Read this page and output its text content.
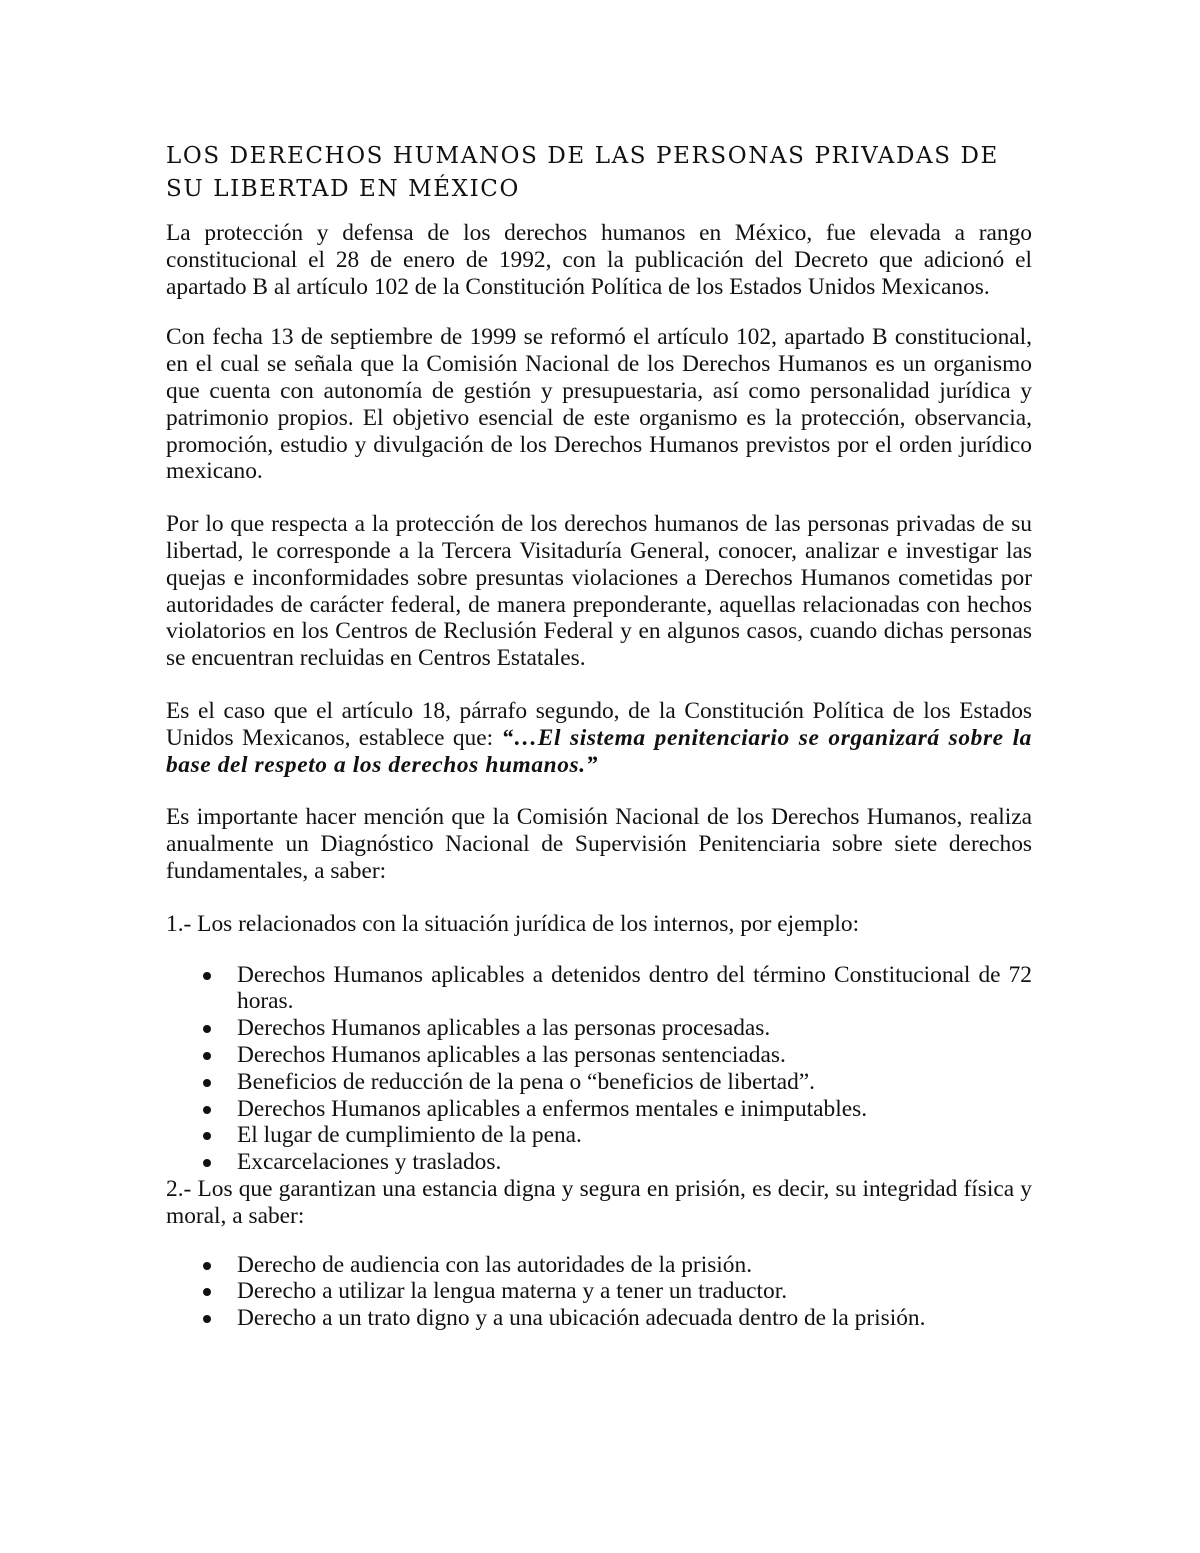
LOS DERECHOS HUMANOS DE LAS PERSONAS PRIVADAS DE SU LIBERTAD EN MÉXICO

La protección y defensa de los derechos humanos en México, fue elevada a rango constitucional el 28 de enero de 1992, con la publicación del Decreto que adicionó el apartado B al artículo 102 de la Constitución Política de los Estados Unidos Mexicanos.

Con fecha 13 de septiembre de 1999 se reformó el artículo 102, apartado B constitucional, en el cual se señala que la Comisión Nacional de los Derechos Humanos es un organismo que cuenta con autonomía de gestión y presupuestaria, así como personalidad jurídica y patrimonio propios. El objetivo esencial de este organismo es la protección, observancia, promoción, estudio y divulgación de los Derechos Humanos previstos por el orden jurídico mexicano.

Por lo que respecta a la protección de los derechos humanos de las personas privadas de su libertad, le corresponde a la Tercera Visitaduría General, conocer, analizar e investigar las quejas e inconformidades sobre presuntas violaciones a Derechos Humanos cometidas por autoridades de carácter federal, de manera preponderante, aquellas relacionadas con hechos violatorios en los Centros de Reclusión Federal y en algunos casos, cuando dichas personas se encuentran recluidas en Centros Estatales.

Es el caso que el artículo 18, párrafo segundo, de la Constitución Política de los Estados Unidos Mexicanos, establece que: “…El sistema penitenciario se organizará sobre la base del respeto a los derechos humanos.”

Es importante hacer mención que la Comisión Nacional de los Derechos Humanos, realiza anualmente un Diagnóstico Nacional de Supervisión Penitenciaria sobre siete derechos fundamentales, a saber:

1.- Los relacionados con la situación jurídica de los internos, por ejemplo:

Derechos Humanos aplicables a detenidos dentro del término Constitucional de 72 horas.
Derechos Humanos aplicables a las personas procesadas.
Derechos Humanos aplicables a las personas sentenciadas.
Beneficios de reducción de la pena o “beneficios de libertad”.
Derechos Humanos aplicables a enfermos mentales e inimputables.
El lugar de cumplimiento de la pena.
Excarcelaciones y traslados.

2.- Los que garantizan una estancia digna y segura en prisión, es decir, su integridad física y moral, a saber:

Derecho de audiencia con las autoridades de la prisión.
Derecho a utilizar la lengua materna y a tener un traductor.
Derecho a un trato digno y a una ubicación adecuada dentro de la prisión.
